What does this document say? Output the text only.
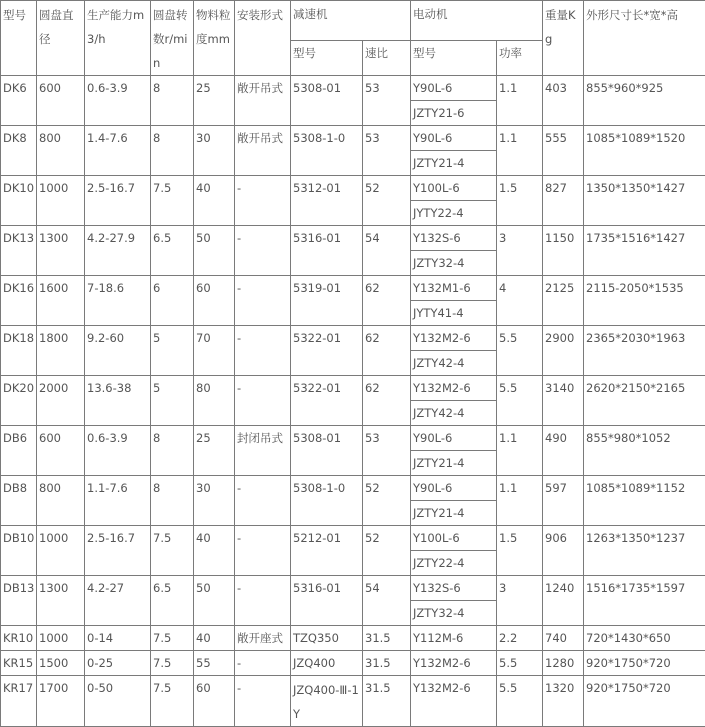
型号	圆盘直径	生产能力m3/h	圆盘转数r/min	物料粒度mm	安装形式	减速机		电动机		重量Kg	外形尺寸长*宽*高
						型号	速比	型号	功率		
DK6	600	0.6-3.9	8	25	敞开吊式	5308-01	53	Y90L-6	1.1	403	855*960*925
								JZTY21-6			
DK8	800	1.4-7.6	8	30	敞开吊式	5308-1-0	53	Y90L-6	1.1	555	1085*1089*1520
								JZTY21-4			
DK10	1000	2.5-16.7	7.5	40	-	5312-01	52	Y100L-6	1.5	827	1350*1350*1427
								JYTY22-4			
DK13	1300	4.2-27.9	6.5	50	-	5316-01	54	Y132S-6	3	1150	1735*1516*1427
								JZTY32-4			
DK16	1600	7-18.6	6	60	-	5319-01	62	Y132M1-6	4	2125	2115-2050*1535
								JYTY41-4			
DK18	1800	9.2-60	5	70	-	5322-01	62	Y132M2-6	5.5	2900	2365*2030*1963
								JZTY42-4			
DK20	2000	13.6-38	5	80	-	5322-01	62	Y132M2-6	5.5	3140	2620*2150*2165
								JZTY42-4			
DB6	600	0.6-3.9	8	25	封闭吊式	5308-01	53	Y90L-6	1.1	490	855*980*1052
								JZTY21-4			
DB8	800	1.1-7.6	8	30	-	5308-1-0	52	Y90L-6	1.1	597	1085*1089*1152
								JZTY21-4			
DB10	1000	2.5-16.7	7.5	40	-	5212-01	52	Y100L-6	1.5	906	1263*1350*1237
								JZTY22-4			
DB13	1300	4.2-27	6.5	50	-	5316-01	54	Y132S-6	3	1240	1516*1735*1597
								JZTY32-4			
KR10	1000	0-14	7.5	40	敞开座式	TZQ350	31.5	Y112M-6	2.2	740	720*1430*650
KR15	1500	0-25	7.5	55	-	JZQ400	31.5	Y132M2-6	5.5	1280	920*1750*720
KR17	1700	0-50	7.5	60	-	JZQ400-Ⅲ-1Y	31.5	Y132M2-6	5.5	1320	920*1750*720
